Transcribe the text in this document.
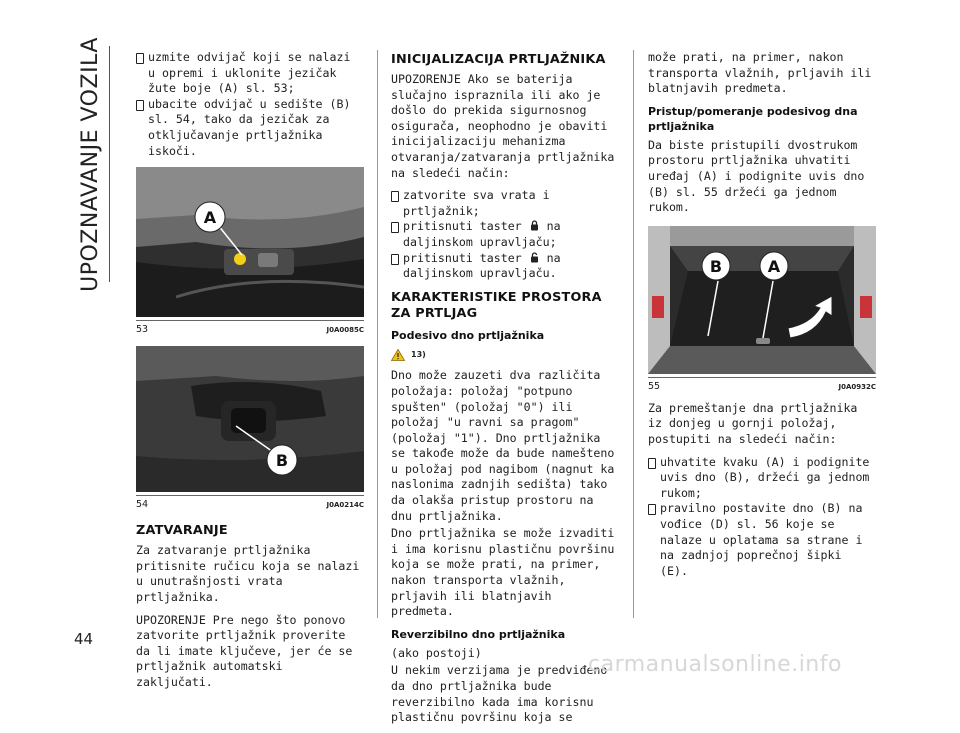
UPOZNAVANJE VOZILA
44

uzmite odvijač koji se nalazi u opremi i uklonite jezičak žute boje (A) sl. 53;

ubacite odvijač u sedište (B) sl. 54, tako da jezičak za otključavanje prtljažnika iskoči.

A
53	J0A0085C
B
54	J0A0214C
ZATVARANJE

Za zatvaranje prtljažnika pritisnite ručicu koja se nalazi u unutrašnjosti vrata prtljažnika.

UPOZORENJE Pre nego što ponovo zatvorite prtljažnik proverite da li imate ključeve, jer će se prtljažnik automatski zaključati.

INICIJALIZACIJA PRTLJAŽNIKA

UPOZORENJE Ako se baterija slučajno ispraznila ili ako je došlo do prekida sigurnosnog osigurača, neophodno je obaviti inicijalizaciju mehanizma otvaranja/zatvaranja prtljažnika na sledeći način:

zatvorite sva vrata i prtljažnik;

pritisnuti taster na daljinskom upravljaču;

pritisnuti taster na daljinskom upravljaču.

KARAKTERISTIKE PROSTORA ZA PRTLJAG
Podesivo dno prtljažnika
13)

Dno može zauzeti dva različita položaja: položaj "potpuno spušten" (položaj "0") ili položaj "u ravni sa pragom" (položaj "1"). Dno prtljažnika se takođe može da bude namešteno u položaj pod nagibom (nagnut ka naslonima zadnjih sedišta) tako da olakša pristup prostoru na dnu prtljažnika.

Dno prtljažnika se može izvaditi i ima korisnu plastičnu površinu koja se može prati, na primer, nakon transporta vlažnih, prljavih ili blatnjavih predmeta.

Reverzibilno dno prtljažnika

(ako postoji)

U nekim verzijama je predviđeno da dno prtljažnika bude reverzibilno kada ima korisnu plastičnu površinu koja se

može prati, na primer, nakon transporta vlažnih, prljavih ili blatnjavih predmeta.

Pristup/pomeranje podesivog dna prtljažnika

Da biste pristupili dvostrukom prostoru prtljažnika uhvatiti uređaj (A) i podignite uvis dno (B) sl. 55 držeći ga jednom rukom.

B	A
55	J0A0932C

Za premeštanje dna prtljažnika iz donjeg u gornji položaj, postupiti na sledeći način:

uhvatite kvaku (A) i podignite uvis dno (B), držeći ga jednom rukom;

pravilno postavite dno (B) na vođice (D) sl. 56 koje se nalaze u oplatama sa strane i na zadnjoj poprečnoj šipki (E).

carmanualsonline.info
